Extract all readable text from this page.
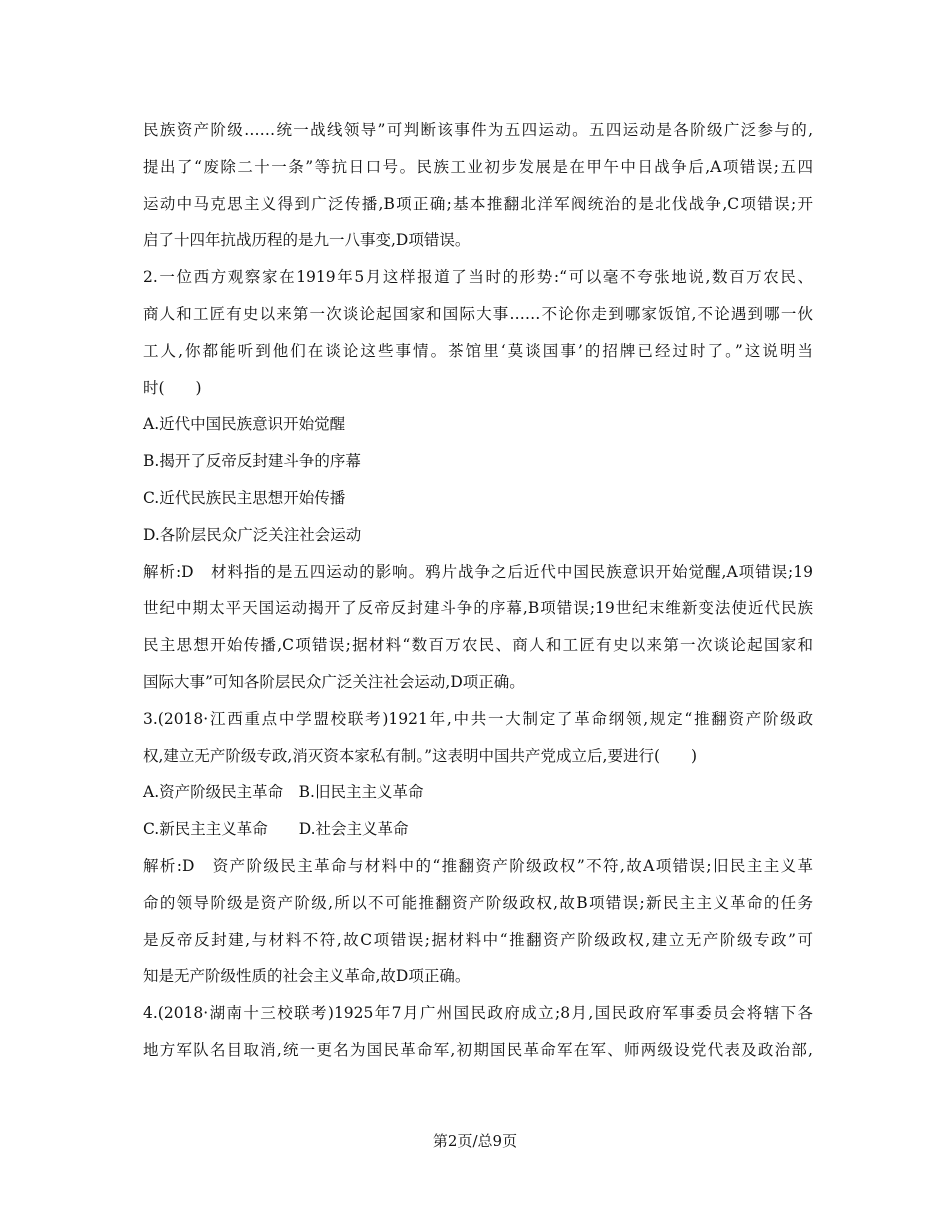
民族资产阶级……统一战线领导”可判断该事件为五四运动。五四运动是各阶级广泛参与的,
提出了“废除二十一条”等抗日口号。民族工业初步发展是在甲午中日战争后,A项错误;五四
运动中马克思主义得到广泛传播,B项正确;基本推翻北洋军阀统治的是北伐战争,C项错误;开
启了十四年抗战历程的是九一八事变,D项错误。
2.一位西方观察家在1919年5月这样报道了当时的形势:“可以毫不夸张地说,数百万农民、
商人和工匠有史以来第一次谈论起国家和国际大事……不论你走到哪家饭馆,不论遇到哪一伙
工人,你都能听到他们在谈论这些事情。茶馆里‘莫谈国事’的招牌已经过时了。”这说明当
时(　　)
A.近代中国民族意识开始觉醒
B.揭开了反帝反封建斗争的序幕
C.近代民族民主思想开始传播
D.各阶层民众广泛关注社会运动
解析:D　材料指的是五四运动的影响。鸦片战争之后近代中国民族意识开始觉醒,A项错误;19
世纪中期太平天国运动揭开了反帝反封建斗争的序幕,B项错误;19世纪末维新变法使近代民族
民主思想开始传播,C项错误;据材料“数百万农民、商人和工匠有史以来第一次谈论起国家和
国际大事”可知各阶层民众广泛关注社会运动,D项正确。
3.(2018·江西重点中学盟校联考)1921年,中共一大制定了革命纲领,规定“推翻资产阶级政
权,建立无产阶级专政,消灭资本家私有制。”这表明中国共产党成立后,要进行(　　)
A.资产阶级民主革命　B.旧民主主义革命
C.新民主主义革命　　D.社会主义革命
解析:D　资产阶级民主革命与材料中的“推翻资产阶级政权”不符,故A项错误;旧民主主义革
命的领导阶级是资产阶级,所以不可能推翻资产阶级政权,故B项错误;新民主主义革命的任务
是反帝反封建,与材料不符,故C项错误;据材料中“推翻资产阶级政权,建立无产阶级专政”可
知是无产阶级性质的社会主义革命,故D项正确。
4.(2018·湖南十三校联考)1925年7月广州国民政府成立;8月,国民政府军事委员会将辖下各
地方军队名目取消,统一更名为国民革命军,初期国民革命军在军、师两级设党代表及政治部,
第2页/总9页
